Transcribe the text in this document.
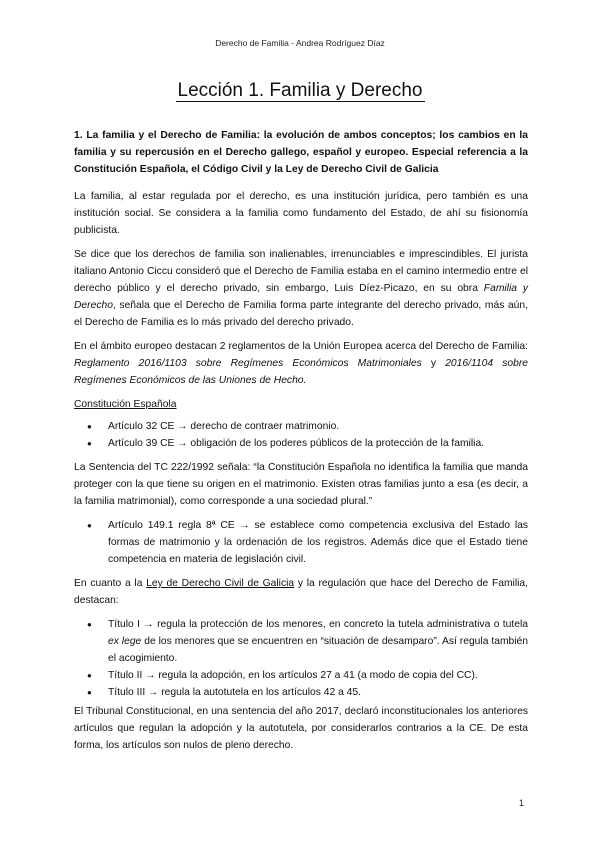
Derecho de Familia - Andrea Rodríguez Díaz
Lección 1. Familia y Derecho

1. La familia y el Derecho de Familia: la evolución de ambos conceptos; los cambios en la familia y su repercusión en el Derecho gallego, español y europeo. Especial referencia a la Constitución Española, el Código Civil y la Ley de Derecho Civil de Galicia

La familia, al estar regulada por el derecho, es una institución jurídica, pero también es una institución social. Se considera a la familia como fundamento del Estado, de ahí su fisionomía publicista.

Se dice que los derechos de familia son inalienables, irrenunciables e imprescindibles. El jurista italiano Antonio Ciccu consideró que el Derecho de Familia estaba en el camino intermedio entre el derecho público y el derecho privado, sin embargo, Luis Díez-Picazo, en su obra Familia y Derecho, señala que el Derecho de Familia forma parte integrante del derecho privado, más aún, el Derecho de Familia es lo más privado del derecho privado.

En el ámbito europeo destacan 2 reglamentos de la Unión Europea acerca del Derecho de Familia: Reglamento 2016/1103 sobre Regímenes Económicos Matrimoniales y 2016/1104 sobre Regímenes Económicos de las Uniones de Hecho.

Constitución Española

● Artículo 32 CE → derecho de contraer matrimonio.
● Artículo 39 CE → obligación de los poderes públicos de la protección de la familia.

La Sentencia del TC 222/1992 señala: “la Constitución Española no identifica la familia que manda proteger con la que tiene su origen en el matrimonio. Existen otras familias junto a esa (es decir, a la familia matrimonial), como corresponde a una sociedad plural.”

● Artículo 149.1 regla 8ª CE → se establece como competencia exclusiva del Estado las formas de matrimonio y la ordenación de los registros. Además dice que el Estado tiene competencia en materia de legislación civil.

En cuanto a la Ley de Derecho Civil de Galicia y la regulación que hace del Derecho de Familia, destacan:

● Título I → regula la protección de los menores, en concreto la tutela administrativa o tutela ex lege de los menores que se encuentren en “situación de desamparo”. Así regula también el acogimiento.
● Título II → regula la adopción, en los artículos 27 a 41 (a modo de copia del CC).
● Título III → regula la autotutela en los artículos 42 a 45.

El Tribunal Constitucional, en una sentencia del año 2017, declaró inconstitucionales los anteriores artículos que regulan la adopción y la autotutela, por considerarlos contrarios a la CE. De esta forma, los artículos son nulos de pleno derecho.

1
